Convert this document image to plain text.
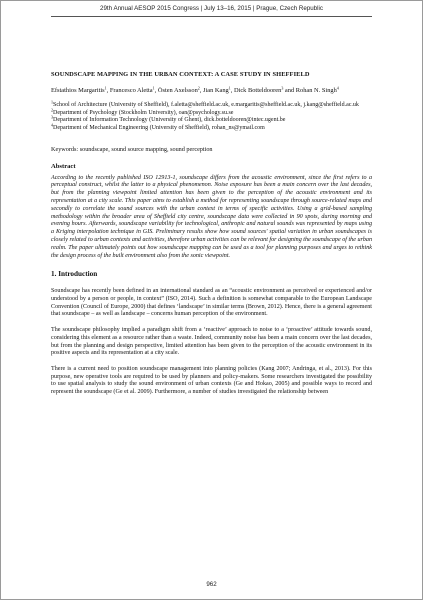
29th Annual AESOP 2015 Congress | July 13–16, 2015 | Prague, Czech Republic
SOUNDSCAPE MAPPING IN THE URBAN CONTEXT: A CASE STUDY IN SHEFFIELD
Efstathios Margaritis$^1$, Francesco Aletta$^1$, Östen Axelsson$^2$, Jian Kang$^1$, Dick Botteldooren$^3$ and Rohan N. Singh$^4$
$^1$School of Architecture (University of Sheffield), f.aletta@sheffield.ac.uk, e.margaritis@sheffield.ac.uk, j.kang@sheffield.ac.uk
$^2$Department of Psychology (Stockholm University), oan@psychology.su.se
$^3$Department of Information Technology (University of Ghent), dick.botteldooren@intec.ugent.be
$^4$Department of Mechanical Engineering (University of Sheffield), rohan_ns@ymail.com
Keywords: soundscape, sound source mapping, sound perception
Abstract
According to the recently published ISO 12913-1, soundscape differs from the acoustic environment, since the first refers to a perceptual construct, whilst the latter to a physical phenomenon. Noise exposure has been a main concern over the last decades, but from the planning viewpoint limited attention has been given to the perception of the acoustic environment and its representation at a city scale. This paper aims to establish a method for representing soundscape through source-related maps and secondly to correlate the sound sources with the urban context in terms of specific activities. Using a grid-based sampling methodology within the broader area of Sheffield city centre, soundscape data were collected in 90 spots, during morning and evening hours. Afterwards, soundscape variability for technological, anthropic and natural sounds was represented by maps using a Kriging interpolation technique in GIS. Preliminary results show how sound sources' spatial variation in urban soundscapes is closely related to urban contexts and activities, therefore urban activities can be relevant for designing the soundscape of the urban realm. The paper ultimately points out how soundscape mapping can be used as a tool for planning purposes and urges to rethink the design process of the built environment also from the sonic viewpoint.
1. Introduction
Soundscape has recently been defined in an international standard as an “acoustic environment as perceived or experienced and/or understood by a person or people, in context” (ISO, 2014). Such a definition is somewhat comparable to the European Landscape Convention (Council of Europe, 2000) that defines ‘landscape’ in similar terms (Brown, 2012). Hence, there is a general agreement that soundscape – as well as landscape – concerns human perception of the environment.
The soundscape philosophy implied a paradigm shift from a ‘reactive’ approach to noise to a ‘proactive’ attitude towards sound, considering this element as a resource rather than a waste. Indeed, community noise has been a main concern over the last decades, but from the planning and design perspective, limited attention has been given to the perception of the acoustic environment in its positive aspects and its representation at a city scale.
There is a current need to position soundscape management into planning policies (Kang 2007; Andringa, et al., 2013). For this purpose, new operative tools are required to be used by planners and policy-makers. Some researchers investigated the possibility to use spatial analysis to study the sound environment of urban contexts (Ge and Hokao, 2005) and possible ways to record and represent the soundscape (Ge et al. 2009). Furthermore, a number of studies investigated the relationship between
962
